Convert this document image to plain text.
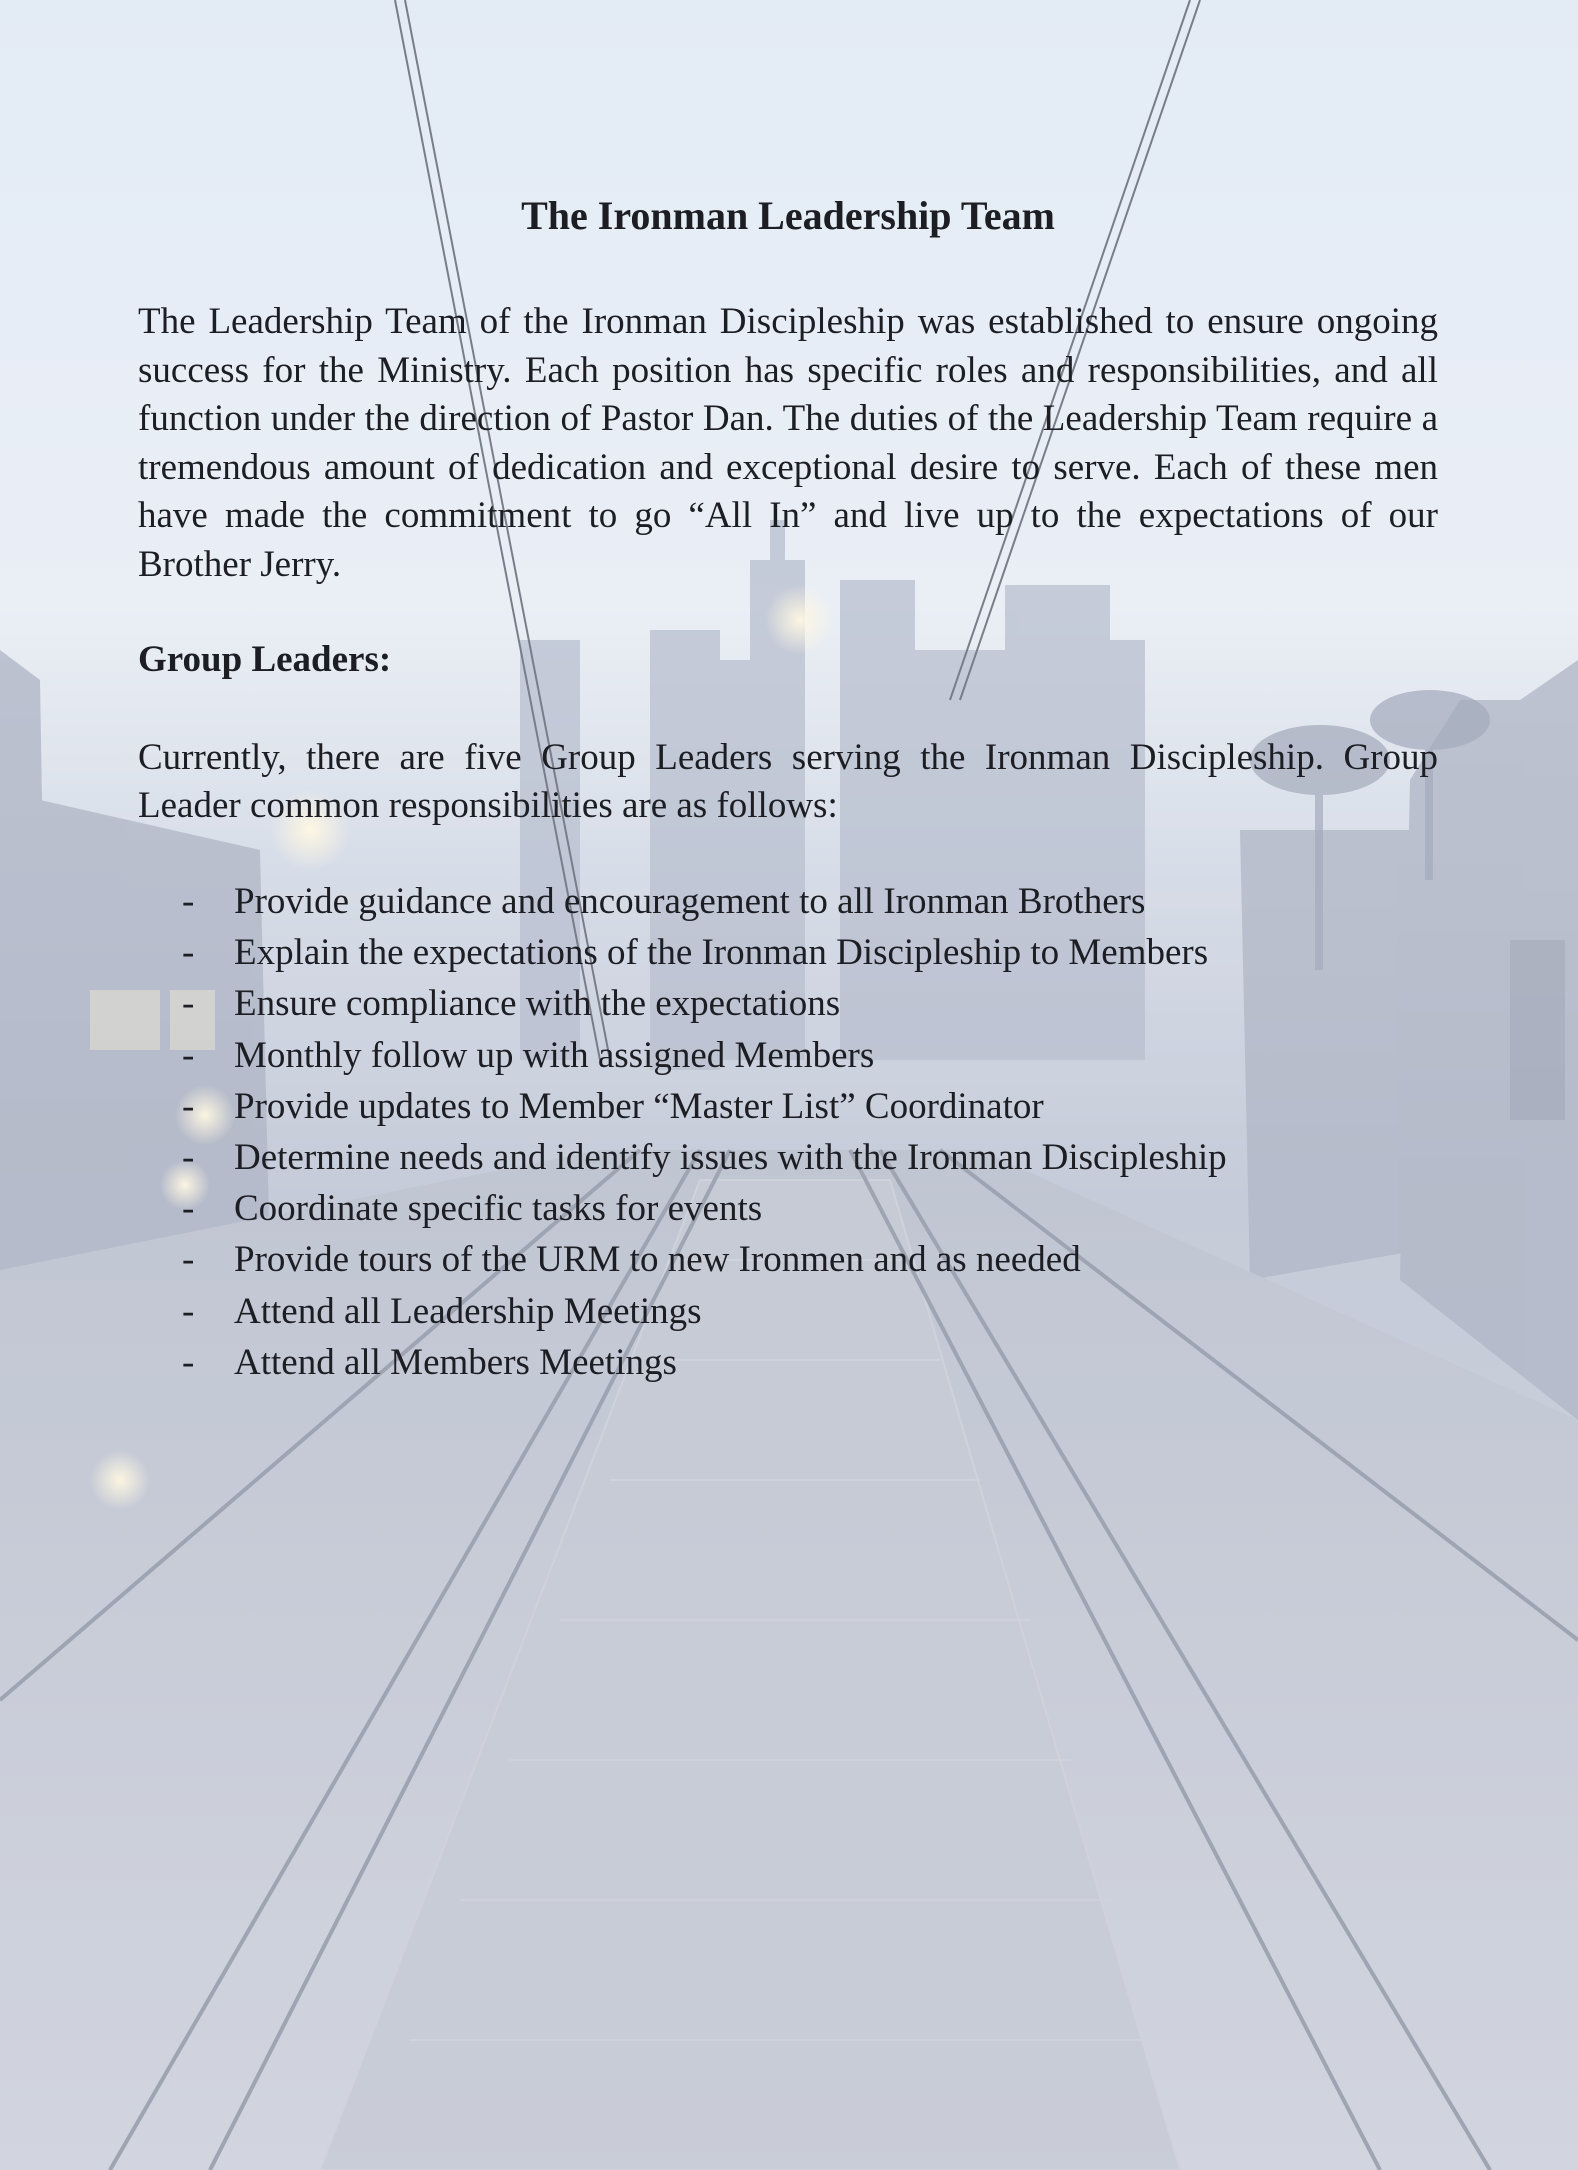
The Ironman Leadership Team

The Leadership Team of the Ironman Discipleship was established to ensure ongoing success for the Ministry. Each position has specific roles and responsibilities, and all function under the direction of Pastor Dan. The duties of the Leadership Team require a tremendous amount of dedication and exceptional desire to serve. Each of these men have made the commitment to go “All In” and live up to the expectations of our Brother Jerry.

Group Leaders:

Currently, there are five Group Leaders serving the Ironman Discipleship. Group Leader common responsibilities are as follows:

-	Provide guidance and encouragement to all Ironman Brothers
-	Explain the expectations of the Ironman Discipleship to Members
-	Ensure compliance with the expectations
-	Monthly follow up with assigned Members
-	Provide updates to Member “Master List” Coordinator
-	Determine needs and identify issues with the Ironman Discipleship
-	Coordinate specific tasks for events
-	Provide tours of the URM to new Ironmen and as needed
-	Attend all Leadership Meetings
-	Attend all Members Meetings
